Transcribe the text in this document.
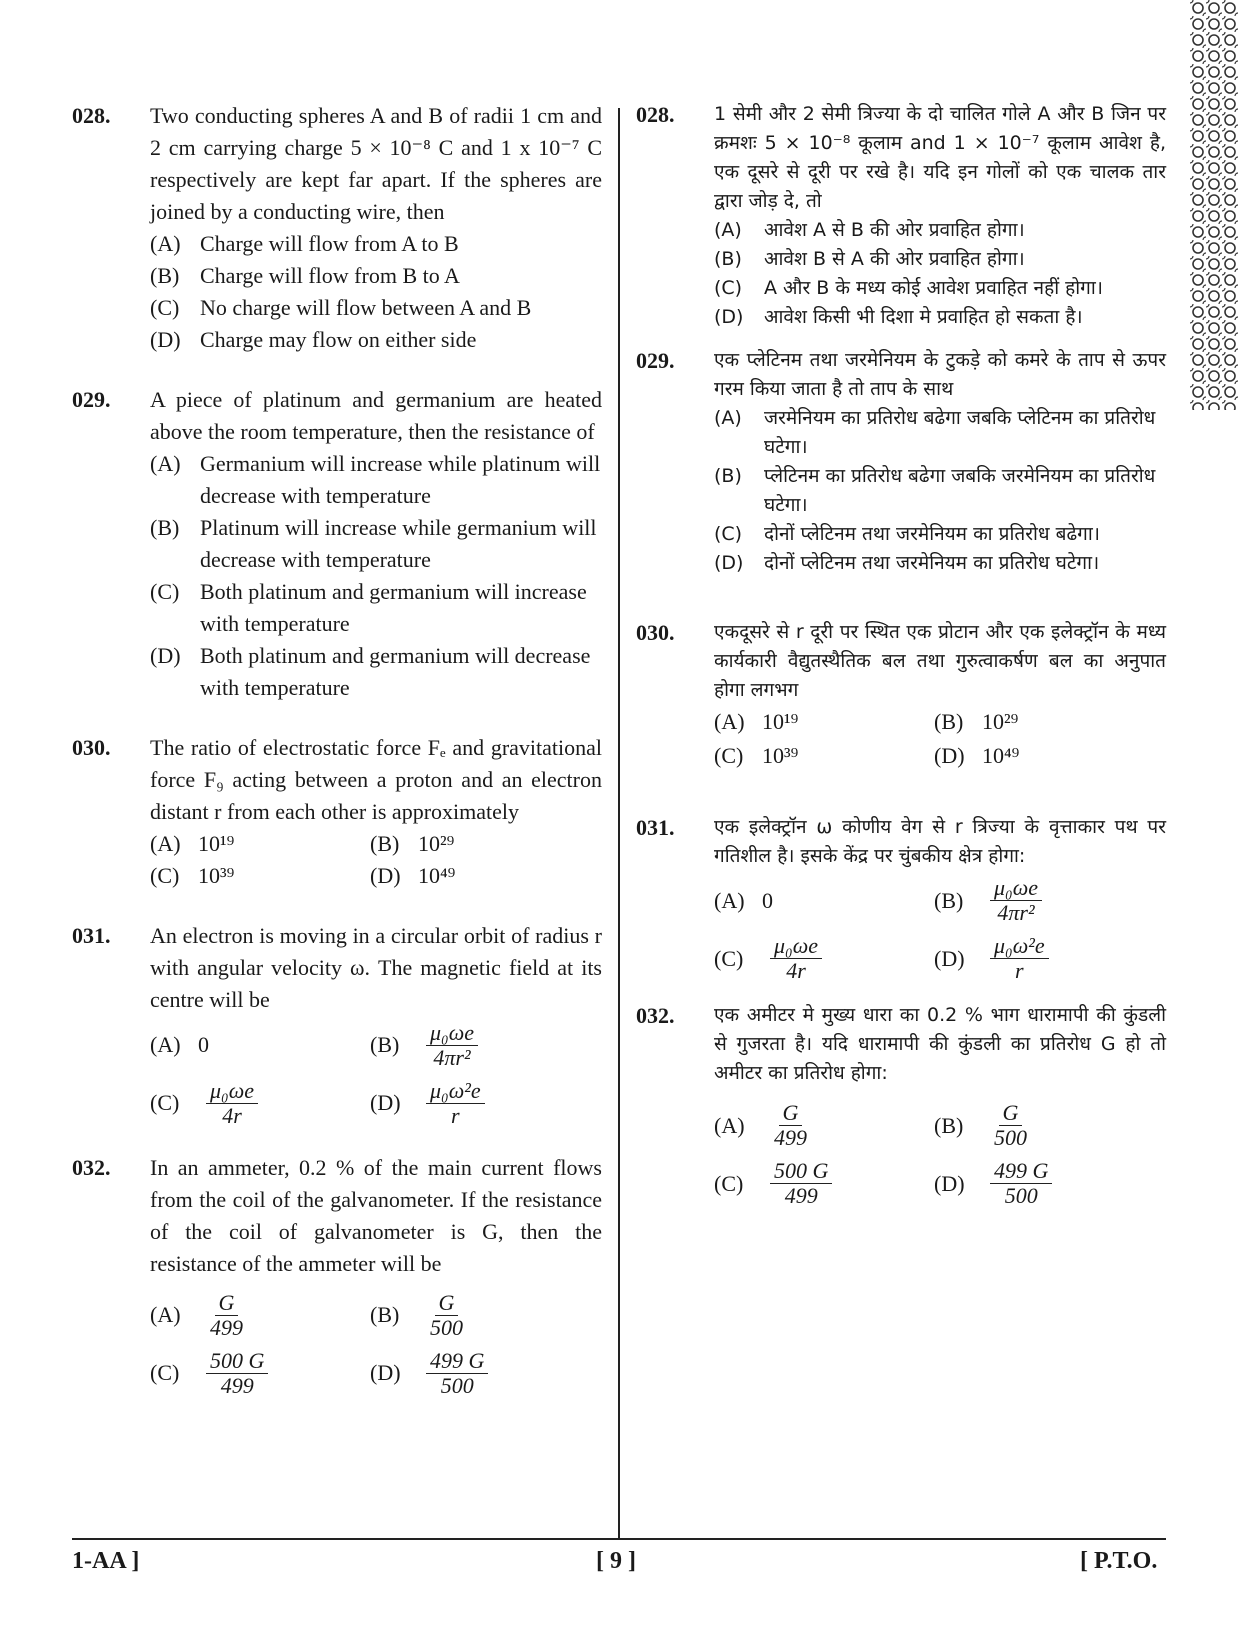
028. Two conducting spheres A and B of radii 1 cm and 2 cm carrying charge 5 × 10⁻⁸ C and 1 x 10⁻⁷ C respectively are kept far apart. If the spheres are joined by a conducting wire, then
(A) Charge will flow from A to B
(B) Charge will flow from B to A
(C) No charge will flow between A and B
(D) Charge may flow on either side
029. A piece of platinum and germanium are heated above the room temperature, then the resistance of
(A) Germanium will increase while platinum will decrease with temperature
(B) Platinum will increase while germanium will decrease with temperature
(C) Both platinum and germanium will increase with temperature
(D) Both platinum and germanium will decrease with temperature
030. The ratio of electrostatic force Fₑ and gravitational force F₉ acting between a proton and an electron distant r from each other is approximately
(A) 10¹⁹	(B) 10²⁹
(C) 10³⁹	(D) 10⁴⁹
031. An electron is moving in a circular orbit of radius r with angular velocity ω. The magnetic field at its centre will be
(A) 0	(B)	$\frac{\text{μ₀ωe}}{\text{4πr²}}$
(C)	$\frac{\text{μ₀ωe}}{4r}$	(D)	$\frac{\text{μ₀ω²e}}{r}$
032. In an ammeter, 0.2 % of the main current flows from the coil of the galvanometer. If the resistance of the coil of galvanometer is G, then the resistance of the ammeter will be
(A)	$\frac{G}{499}$	(B)	$\frac{G}{500}$
(C)	$\frac{500 G}{499}$	(D)	$\frac{499 G}{500}$
028. 1 सेमी और 2 सेमी त्रिज्या के दो चालित गोले A और B जिन पर क्रमशः 5 × 10⁻⁸ कूलाम and 1 × 10⁻⁷ कूलाम आवेश है, एक दूसरे से दूरी पर रखे है। यदि इन गोलों को एक चालक तार द्वारा जोड़ दे, तो
(A) आवेश A से B की ओर प्रवाहित होगा।
(B) आवेश B से A की ओर प्रवाहित होगा।
(C) A और B के मध्य कोई आवेश प्रवाहित नहीं होगा।
(D) आवेश किसी भी दिशा मे प्रवाहित हो सकता है।
029. एक प्लेटिनम तथा जरमेनियम के टुकड़े को कमरे के ताप से ऊपर गरम किया जाता है तो ताप के साथ
(A) जरमेनियम का प्रतिरोध बढेगा जबकि प्लेटिनम का प्रतिरोध घटेगा।
(B) प्लेटिनम का प्रतिरोध बढेगा जबकि जरमेनियम का प्रतिरोध घटेगा।
(C) दोनों प्लेटिनम तथा जरमेनियम का प्रतिरोध बढेगा।
(D) दोनों प्लेटिनम तथा जरमेनियम का प्रतिरोध घटेगा।
030. एकदूसरे से r दूरी पर स्थित एक प्रोटान और एक इलेक्ट्रॉन के मध्य कार्यकारी वैद्युतस्थैतिक बल तथा गुरुत्वाकर्षण बल का अनुपात होगा लगभग
(A) 10¹⁹	(B) 10²⁹
(C) 10³⁹	(D) 10⁴⁹
031. एक इलेक्ट्रॉन ω कोणीय वेग से r त्रिज्या के वृत्ताकार पथ पर गतिशील है। इसके केंद्र पर चुंबकीय क्षेत्र होगा:
(A) 0	(B)	$\frac{\text{μ₀ωe}}{\text{4πr²}}$
(C)	$\frac{\text{μ₀ωe}}{4r}$	(D)	$\frac{\text{μ₀ω²e}}{r}$
032. एक अमीटर मे मुख्य धारा का 0.2 % भाग धारामापी की कुंडली से गुजरता है। यदि धारामापी की कुंडली का प्रतिरोध G हो तो अमीटर का प्रतिरोध होगा:
(A)	$\frac{G}{499}$	(B)	$\frac{G}{500}$
(C)	$\frac{500 G}{499}$	(D)	$\frac{499 G}{500}$
1-AA ]	[ 9 ]	[ P.T.O.
